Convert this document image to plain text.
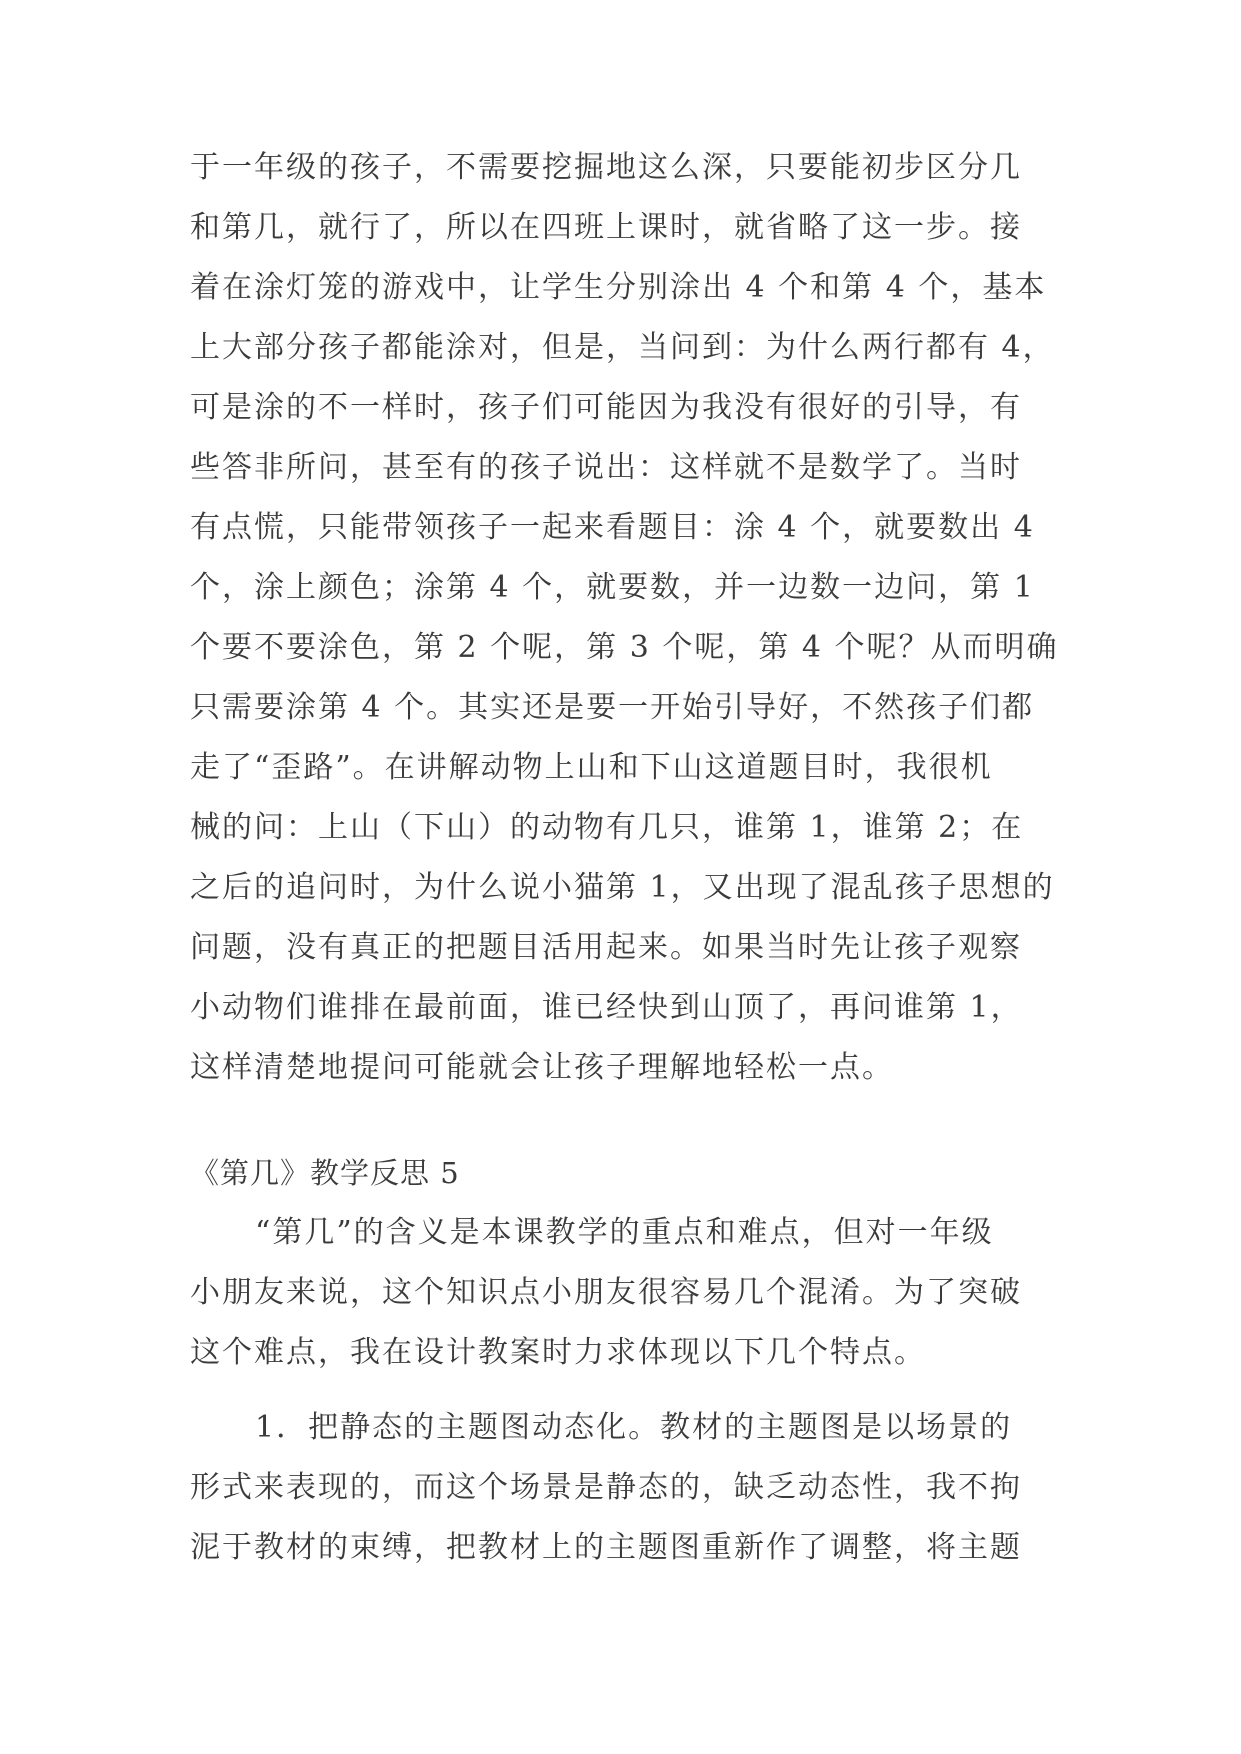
于一年级的孩子，不需要挖掘地这么深，只要能初步区分几
和第几，就行了，所以在四班上课时，就省略了这一步。接
着在涂灯笼的游戏中，让学生分别涂出 4 个和第 4 个，基本
上大部分孩子都能涂对，但是，当问到：为什么两行都有 4，
可是涂的不一样时，孩子们可能因为我没有很好的引导，有
些答非所问，甚至有的孩子说出：这样就不是数学了。当时
有点慌，只能带领孩子一起来看题目：涂 4 个，就要数出 4
个，涂上颜色；涂第 4 个，就要数，并一边数一边问，第 1
个要不要涂色，第 2 个呢，第 3 个呢，第 4 个呢？从而明确
只需要涂第 4 个。其实还是要一开始引导好，不然孩子们都
走了“歪路”。在讲解动物上山和下山这道题目时，我很机
械的问：上山（下山）的动物有几只，谁第 1，谁第 2；在
之后的追问时，为什么说小猫第 1，又出现了混乱孩子思想的
问题，没有真正的把题目活用起来。如果当时先让孩子观察
小动物们谁排在最前面，谁已经快到山顶了，再问谁第 1，
这样清楚地提问可能就会让孩子理解地轻松一点。
《第几》教学反思 5
“第几”的含义是本课教学的重点和难点，但对一年级
小朋友来说，这个知识点小朋友很容易几个混淆。为了突破
这个难点，我在设计教案时力求体现以下几个特点。
1．把静态的主题图动态化。教材的主题图是以场景的
形式来表现的，而这个场景是静态的，缺乏动态性，我不拘
泥于教材的束缚，把教材上的主题图重新作了调整，将主题
